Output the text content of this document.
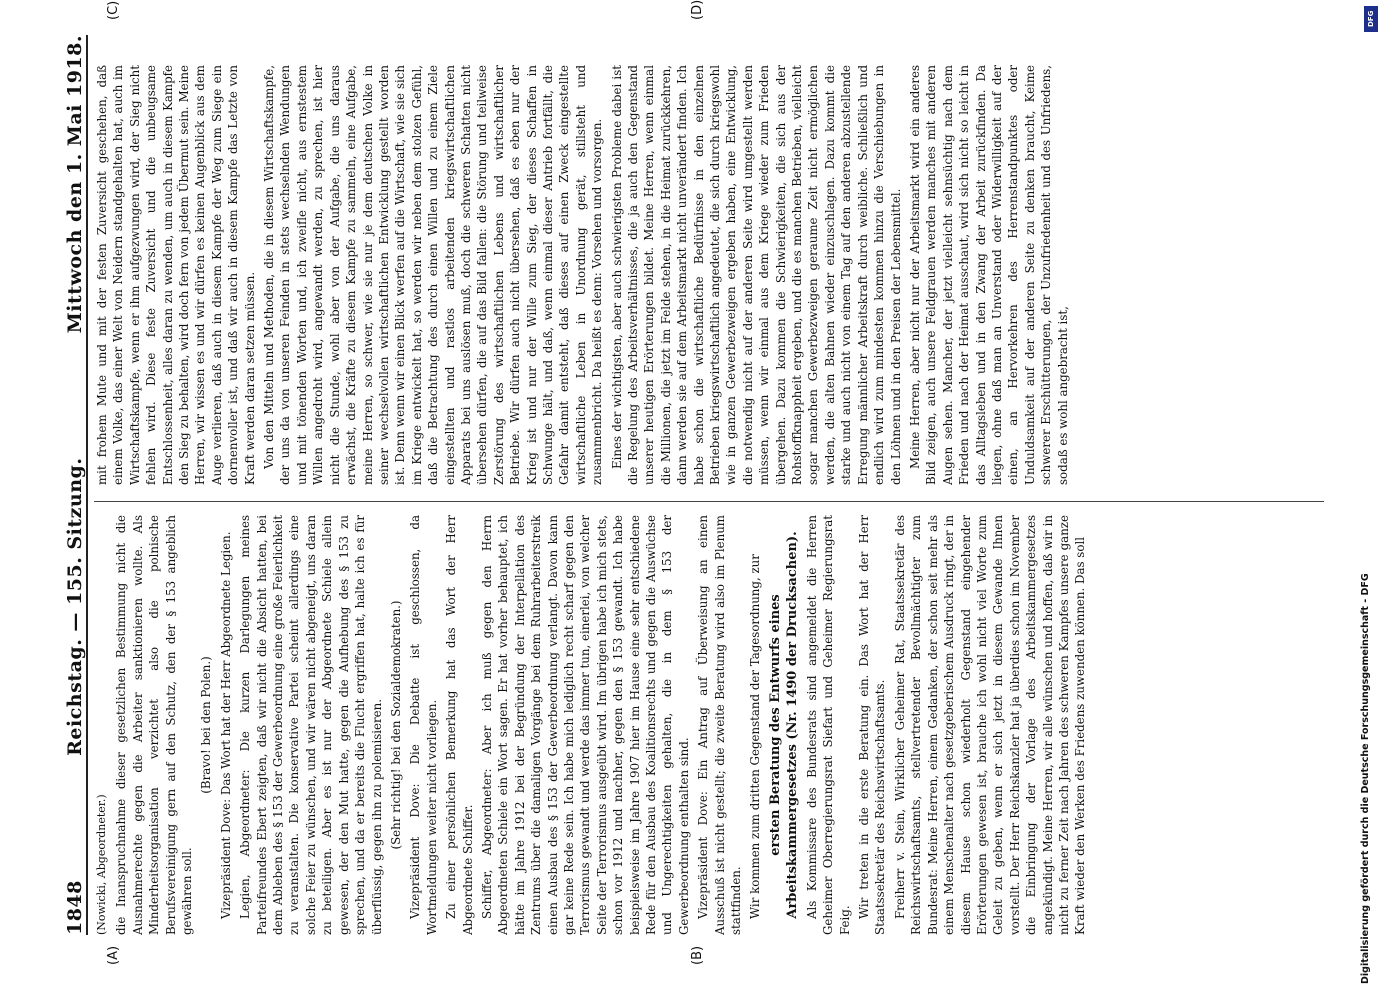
1848
Reichstag. — 155. Sitzung.
Mittwoch den 1. Mai 1918.
(A)	(B)
(C)	(D)

(Nowicki, Abgeordneter.) die Inanspruchnahme dieser gesetzlichen Bestimmung nicht die Ausnahmerechte gegen die Arbeiter sanktionieren wollte. Als Minderheitsorganisation verzichtet also die polnische Berufsvereinigung gern auf den Schutz, den der § 153 angeblich gewähren soll.

(Bravo! bei den Polen.) Vizepräsident Dove: Das Wort hat der Herr Abgeordnete Legien. Legien, Abgeordneter: Die kurzen Darlegungen meines Parteifreundes Ebert zeigten, daß wir nicht die Absicht hatten, bei dem Ableben des § 153 der Gewerbeordnung eine große Feierlichkeit zu veranstalten. Die konservative Partei scheint allerdings eine solche Feier zu wünschen, und wir wären nicht abgeneigt, uns daran zu beteiligen. Aber es ist nur der Abgeordnete Schiele allein gewesen, der den Mut hatte, gegen die Aufhebung des § 153 zu sprechen, und da er bereits die Flucht ergriffen hat, halte ich es für überflüssig, gegen ihn zu polemisieren. (Sehr richtig! bei den Sozialdemokraten.) Vizepräsident Dove: Die Debatte ist geschlossen, da Wortmeldungen weiter nicht vorliegen. Zu einer persönlichen Bemerkung hat das Wort der Herr Abgeordnete Schiffer. Schiffer, Abgeordneter: Aber ich muß gegen den Herrn Abgeordneten Schiele ein Wort sagen. Er hat vorher behauptet, ich hätte im Jahre 1912 bei der Begründung der Interpellation des Zentrums über die damaligen Vorgänge bei dem Ruhrarbeiterstreik einen Ausbau des § 153 der Gewerbeordnung verlangt. Davon kann gar keine Rede sein. Ich habe mich lediglich recht scharf gegen den Terrorismus gewandt und werde das immer tun, einerlei, von welcher Seite der Terrorismus ausgeübt wird. Im übrigen habe ich mich stets, schon vor 1912 und nachher, gegen den § 153 gewandt. Ich habe beispielsweise im Jahre 1907 hier im Hause eine sehr entschiedene Rede für den Ausbau des Koalitionsrechts und gegen die Auswüchse und Ungerechtigkeiten gehalten, die in dem § 153 der Gewerbeordnung enthalten sind. Vizepräsident Dove: Ein Antrag auf Überweisung an einen Ausschuß ist nicht gestellt; die zweite Beratung wird also im Plenum stattfinden. Wir kommen zum dritten Gegenstand der Tagesordnung, zur ersten Beratung des Entwurfs eines Arbeitskammergesetzes (Nr. 1490 der Drucksachen). Als Kommissare des Bundesrats sind angemeldet die Herren Geheimer Oberregierungsrat Siefart und Geheimer Regierungsrat Feig.

Wir treten in die erste Beratung ein. Das Wort hat der Herr Staatssekretär des Reichswirtschaftsamts. Freiherr v. Stein, Wirklicher Geheimer Rat, Staatssekretär des Reichswirtschaftsamts, stellvertretender Bevollmächtigter zum Bundesrat: Meine Herren, einem Gedanken, der schon seit mehr als einem Menschenalter nach gesetzgeberischem Ausdruck ringt, der in diesem Hause schon wiederholt Gegenstand eingehender Erörterungen gewesen ist, brauche ich wohl nicht viel Worte zum Geleit zu geben, wenn er sich jetzt in diesem Gewande Ihnen vorstellt. Der Herr Reichskanzler hat ja überdies schon im November die Einbringung der Vorlage des Arbeitskammergesetzes angekündigt. Meine Herren, wir alle wünschen und hoffen, daß wir in nicht zu ferner Zeit nach Jahren des schweren Kampfes unsere ganze Kraft wieder den Werken des Friedens zuwenden können. Das soll

mit frohem Mute und mit der festen Zuversicht geschehen, daß einem Volke, das einer Welt von Neidern standgehalten hat, auch im Wirtschaftskampfe, wenn er ihm aufgezwungen wird, der Sieg nicht fehlen wird. Diese feste Zuversicht und die unbeugsame Entschlossenheit, alles daran zu wenden, um auch in diesem Kampfe den Sieg zu behalten, wird doch fern von jedem Übermut sein. Meine Herren, wir wissen es und wir dürfen es keinen Augenblick aus dem Auge verlieren, daß auch in diesem Kampfe der Weg zum Siege ein dornenvoller ist, und daß wir auch in diesem Kampfe das Letzte von Kraft werden daran setzen müssen. Von den Mitteln und Methoden, die in diesem Wirtschaftskampfe, der uns da von unseren Feinden in stets wechselnden Wendungen und mit tönenden Worten und, ich zweifle nicht, aus ernstestem Willen angedroht wird, angewandt werden, zu sprechen, ist hier nicht die Stunde, wohl aber von der Aufgabe, die uns daraus erwächst, die Kräfte zu diesem Kampfe zu sammeln, eine Aufgabe, meine Herren, so schwer, wie sie nur je dem deutschen Volke in seiner wechselvollen wirtschaftlichen Entwicklung gestellt worden ist. Denn wenn wir einen Blick werfen auf die Wirtschaft, wie sie sich im Kriege entwickelt hat, so werden wir neben dem stolzen Gefühl, daß die Betrachtung des durch einen Willen und zu einem Ziele eingestellten und rastlos arbeitenden kriegswirtschaftlichen Apparats bei uns auslösen muß, doch die schweren Schatten nicht übersehen dürfen, die auf das Bild fallen: die Störung und teilweise Zerstörung des wirtschaftlichen Lebens und wirtschaftlicher Betriebe. Wir dürfen auch nicht übersehen, daß es eben nur der Krieg ist und nur der Wille zum Sieg, der dieses Schaffen in Schwunge hält, und daß, wenn einmal dieser Antrieb fortfällt, die Gefahr damit entsteht, daß dieses auf einen Zweck eingestellte wirtschaftliche Leben in Unordnung gerät, stillsteht und zusammenbricht. Da heißt es denn: Vorsehen und vorsorgen. Eines der wichtigsten, aber auch schwierigsten Probleme dabei ist die Regelung des Arbeitsverhältnisses, die ja auch den Gegenstand unserer heutigen Erörterungen bildet. Meine Herren, wenn einmal die Millionen, die jetzt im Felde stehen, in die Heimat zurückkehren, dann werden sie auf dem Arbeitsmarkt nicht unverändert finden. Ich habe schon die wirtschaftliche Bedürfnisse in den einzelnen Betrieben kriegswirtschaftlich angedeutet, die sich durch kriegswohl wie in ganzen Gewerbezweigen ergeben haben, eine Entwicklung, die notwendig nicht auf der anderen Seite wird umgestellt werden müssen, wenn wir einmal aus dem Kriege wieder zum Frieden übergehen. Dazu kommen die Schwierigkeiten, die sich aus der Rohstoffknappheit ergeben, und die es manchen Betrieben, vielleicht sogar manchen Gewerbezweigen geraume Zeit nicht ermöglichen werden, die alten Bahnen wieder einzuschlagen. Dazu kommt die starke und auch nicht von einem Tag auf den anderen abzustellende Erregung männlicher Arbeitskraft durch weibliche. Schließlich und endlich wird zum mindesten kommen hinzu die Verschiebungen in den Löhnen und in den Preisen der Lebensmittel. Meine Herren, aber nicht nur der Arbeitsmarkt wird ein anderes Bild zeigen, auch unsere Feldgrauen werden manches mit anderen Augen sehen. Mancher, der jetzt vielleicht sehnsüchtig nach dem Frieden und nach der Heimat ausschaut, wird sich nicht so leicht in das Alltagsleben und in den Zwang der Arbeit zurückfinden. Da liegen, ohne daß man an Unverstand oder Widerwilligkeit auf der einen, an Hervorkehren des Herrenstandpunktes oder Unduldsamkeit auf der anderen Seite zu denken braucht, Keime schwerer Erschütterungen, der Unzufriedenheit und des Unfriedens, sodaß es wohl angebracht ist,

DFG
Digitalisierung gefördert durch die Deutsche Forschungsgemeinschaft - DFG
